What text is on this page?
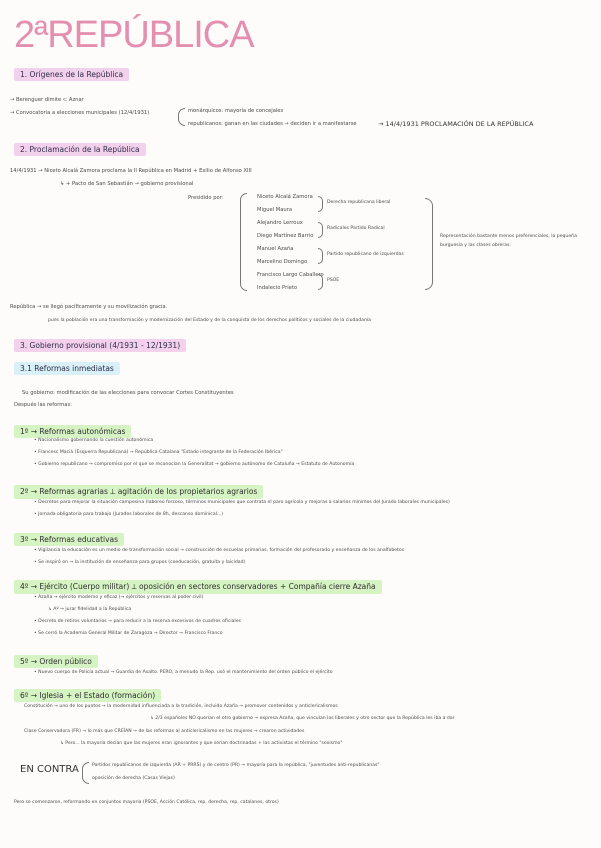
2ªREPÚBLICA
1. Orígenes de la República
→ Berenguer dimite ⊂ Aznar
→ Convocatoria a elecciones municipales (12/4/1931)	monárquicos: mayoría de concejales
republicanos: ganan en las ciudades → deciden ir a manifestarse	→ 14/4/1931 PROCLAMACIÓN DE LA REPÚBLICA
2. Proclamación de la República
14/4/1931 → Niceto Alcalá Zamora proclama la II República en Madrid + Exilio de Alfonso XIII
↳ + Pacto de San Sebastián → gobierno provisional
Presidido por:	Niceto Alcalá Zamora
Miguel Maura
Alejandro Lerroux
Diego Martínez Barrio
Manuel Azaña
Marcelino Domingo
Francisco Largo Caballero
Indalecio Prieto
Derecha republicana liberal
Radicales Partido Radical
Partido republicano de izquierdas
PSOE
Representación bastante menos preferenciales, la pequeña burguesía y las clases obreras.
República → se llegó pacíficamente y su movilización gracia.
pues la población era una transformación y modernización del Estado y de la conquista de los derechos políticos y sociales de la ciudadanía
3. Gobierno provisional (4/1931 - 12/1931)
3.1 Reformas inmediatas
Su gobierno: modificación de las elecciones para convocar Cortes Constituyentes
Después las reformas:
1º → Reformas autonómicas
• Nacionalismo gobernando la cuestión autonómica
• Francesc Macià (Esquerra Republicana) → República Catalana "Estado integrante de la Federación Ibérica"
• Gobierno republicano → compromiso por el que se reconocían la Generalitat → gobierno autónomo de Cataluña → Estatuto de Autonomía
2º → Reformas agrarias ⟂ agitación de los propietarios agrarios
• Decretos para mejorar la situación campesina (laboreo forzoso, términos municipales que contrata el paro agrícola y mejoras a salarios mínimos del Jurado laborales municipales)
• Jornada obligatoria para trabajo (Jurados laborales de 8h, descanso dominical...)
3º → Reformas educativas
• Vigilancia la educación es un medio de transformación social → construcción de escuelas primarias, formación del profesorado y enseñanza de los analfabetos
• Se inspiró en → la institución de enseñanza para grupos (coeducación, gratuita y laicidad)
4º → Ejército (Cuerpo militar) ⟂ oposición en sectores conservadores + Compañía cierre Azaña
• Azaña → ejército moderno y eficaz (→ ejércitos y reservas al poder civil)
↳ Aº → jurar fidelidad a la República
• Decreto de retiros voluntarios → para reducir a la reserva excesivos de cuadros oficiales
• Se cerró la Academia General Militar de Zaragoza → Director → Francisco Franco
5º → Orden público
• Nuevo cuerpo de Policía actual → Guardia de Asalto. PERO, a menudo la Rep. usó el mantenimiento del orden público el ejército
6º → Iglesia + el Estado (formación)
Constitución → uno de los puntos → la modernidad influenciada a la tradición, incluido Azaña → promover contenidos y anticlericalismos
↳ 2/3 españoles NO querían el otro gobierno → expresa Azaña, que vinculan los liberales y otro sector que la República les iba a dar
Clase Conservadora (FR) → lo más que CREÍAN → de las reformas al anticlericalismo en las mujeres → crearon actividades
↳ Pero... la mayoría decían que las mujeres eran ignorantes y que serían doctrinadas + las activistas el término "sexismo"
EN CONTRA	Partidos republicanos de izquierda (AR + PRRS) y de centro (PR) → mayoría para la república, "juventudes anti-republicanas"
oposición de derecha (Casas Viejas)
Pero se comenzaron, reformando en conjuntos mayoría (PSOE, Acción Católica, rep. derecha, rep. catalanes, otros)
